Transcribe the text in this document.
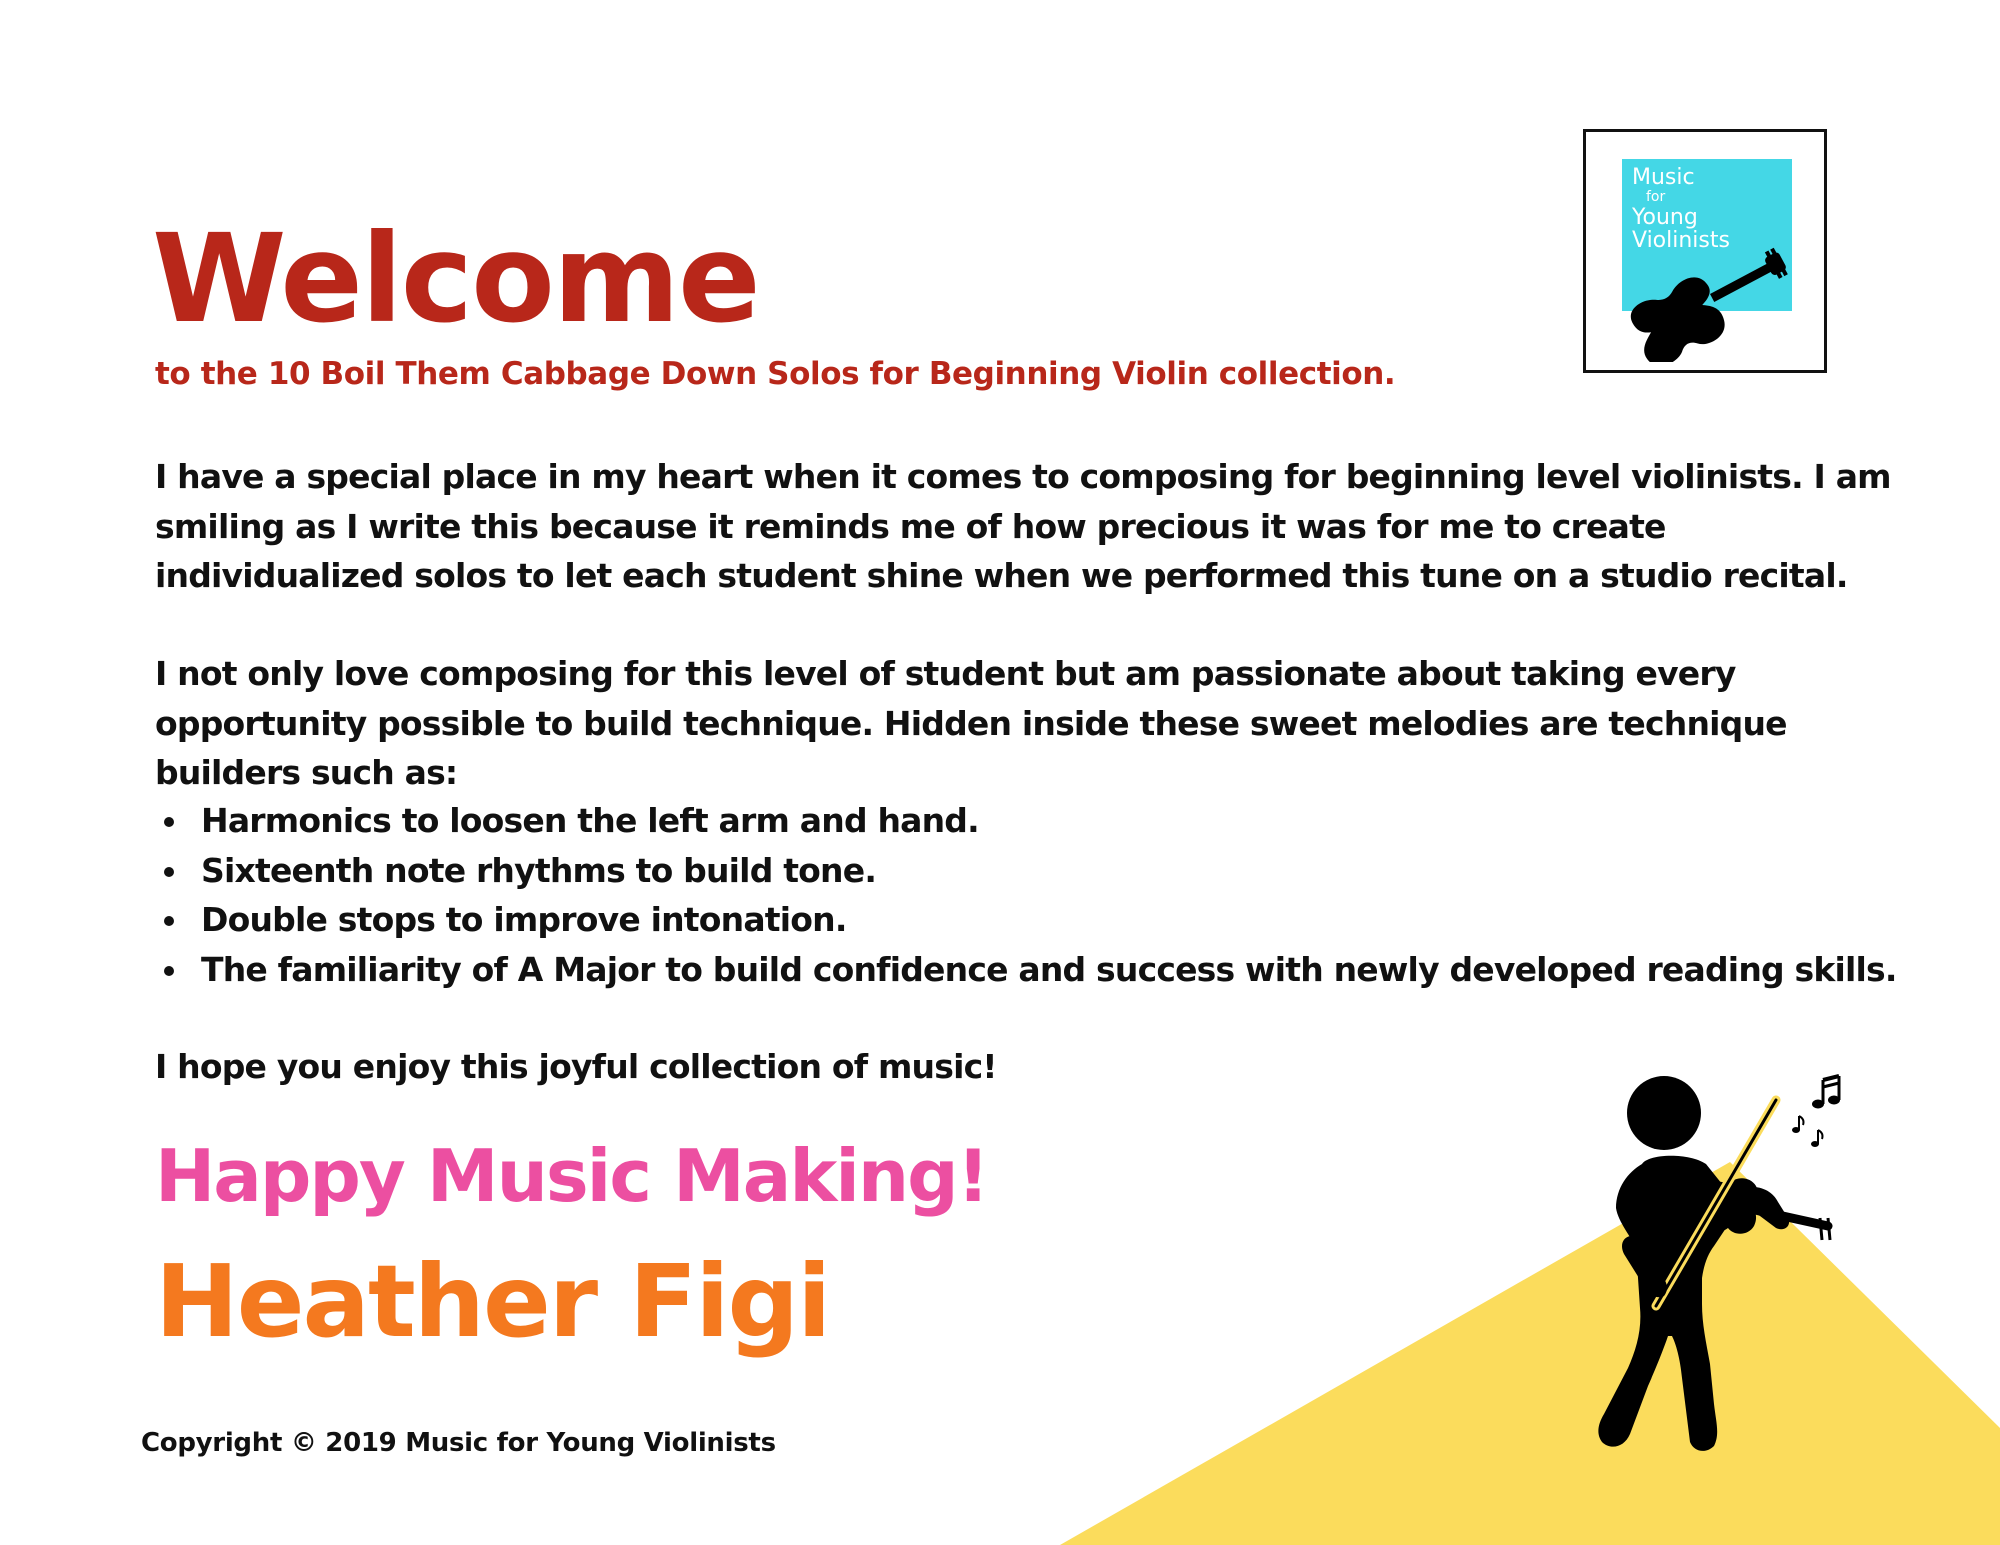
Welcome

to the 10 Boil Them Cabbage Down Solos for Beginning Violin collection.

I have a special place in my heart when it comes to composing for beginning level violinists. I am smiling as I write this because it reminds me of how precious it was for me to create individualized solos to let each student shine when we performed this tune on a studio recital.

I not only love composing for this level of student but am passionate about taking every opportunity possible to build technique. Hidden inside these sweet melodies are technique builders such as:

Harmonics to loosen the left arm and hand.
Sixteenth note rhythms to build tone.
Double stops to improve intonation.
The familiarity of A Major to build confidence and success with newly developed reading skills.

I hope you enjoy this joyful collection of music!

Happy Music Making!

Heather Figi

Copyright © 2019 Music for Young Violinists

Music
for
Young
Violinists
